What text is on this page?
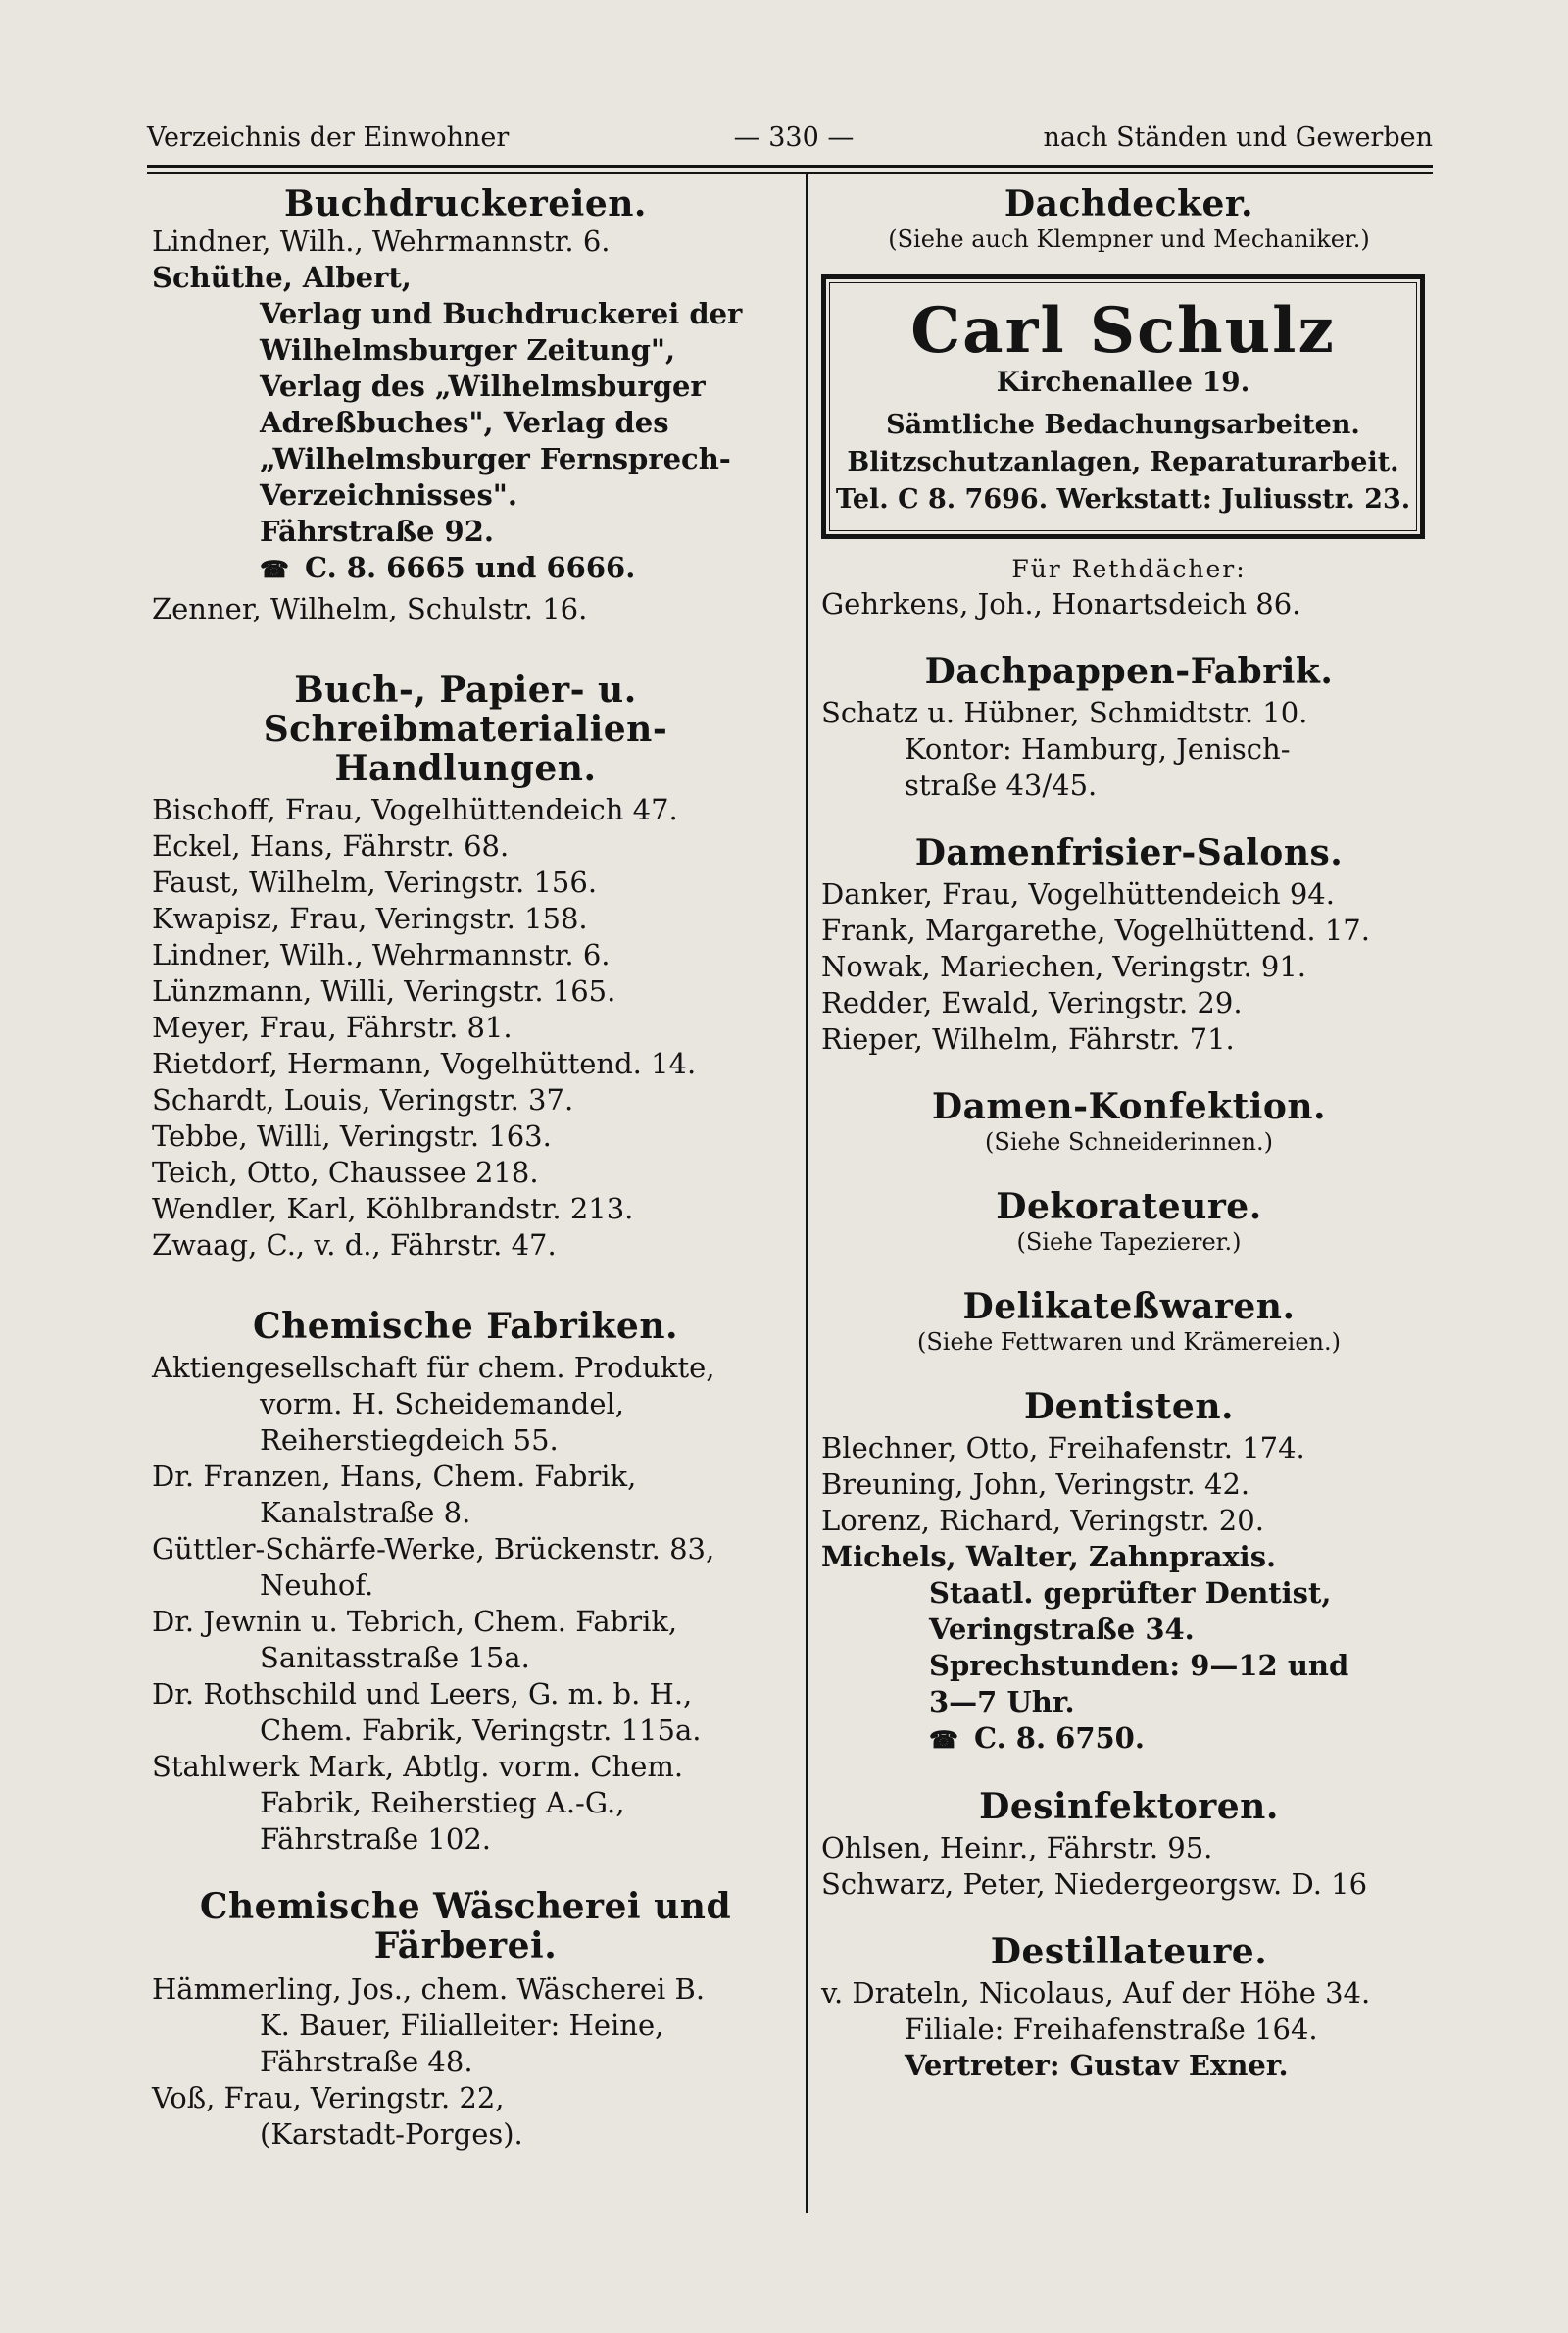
Verzeichnis der Einwohner	— 330 —	nach Ständen und Gewerben
Buchdruckereien.
Lindner, Wilh., Wehrmannstr. 6.
Schüthe, Albert,
Verlag und Buchdruckerei der
Wilhelmsburger Zeitung",
Verlag des „Wilhelmsburger
Adreßbuches", Verlag des
„Wilhelmsburger Fernsprech-
Verzeichnisses".
Fährstraße 92.
☎ C. 8. 6665 und 6666.
Zenner, Wilhelm, Schulstr. 16.
Buch-, Papier- u. Schreibmaterialien-
Handlungen.
Bischoff, Frau, Vogelhüttendeich 47.
Eckel, Hans, Fährstr. 68.
Faust, Wilhelm, Veringstr. 156.
Kwapisz, Frau, Veringstr. 158.
Lindner, Wilh., Wehrmannstr. 6.
Lünzmann, Willi, Veringstr. 165.
Meyer, Frau, Fährstr. 81.
Rietdorf, Hermann, Vogelhüttend. 14.
Schardt, Louis, Veringstr. 37.
Tebbe, Willi, Veringstr. 163.
Teich, Otto, Chaussee 218.
Wendler, Karl, Köhlbrandstr. 213.
Zwaag, C., v. d., Fährstr. 47.
Chemische Fabriken.
Aktiengesellschaft für chem. Produkte,
vorm. H. Scheidemandel,
Reiherstiegdeich 55.
Dr. Franzen, Hans, Chem. Fabrik,
Kanalstraße 8.
Güttler-Schärfe-Werke, Brückenstr. 83,
Neuhof.
Dr. Jewnin u. Tebrich, Chem. Fabrik,
Sanitasstraße 15a.
Dr. Rothschild und Leers, G. m. b. H.,
Chem. Fabrik, Veringstr. 115a.
Stahlwerk Mark, Abtlg. vorm. Chem.
Fabrik, Reiherstieg A.-G.,
Fährstraße 102.
Chemische Wäscherei und Färberei.
Hämmerling, Jos., chem. Wäscherei B.
K. Bauer, Filialleiter: Heine,
Fährstraße 48.
Voß, Frau, Veringstr. 22,
(Karstadt-Porges).
Dachdecker.
(Siehe auch Klempner und Mechaniker.)
Carl Schulz
Kirchenallee 19.
Sämtliche Bedachungsarbeiten.
Blitzschutzanlagen, Reparaturarbeit.
Tel. C 8. 7696. Werkstatt: Juliusstr. 23.
Für Rethdächer:
Gehrkens, Joh., Honartsdeich 86.
Dachpappen-Fabrik.
Schatz u. Hübner, Schmidtstr. 10.
Kontor: Hamburg, Jenisch-
straße 43/45.
Damenfrisier-Salons.
Danker, Frau, Vogelhüttendeich 94.
Frank, Margarethe, Vogelhüttend. 17.
Nowak, Mariechen, Veringstr. 91.
Redder, Ewald, Veringstr. 29.
Rieper, Wilhelm, Fährstr. 71.
Damen-Konfektion.
(Siehe Schneiderinnen.)
Dekorateure.
(Siehe Tapezierer.)
Delikateßwaren.
(Siehe Fettwaren und Krämereien.)
Dentisten.
Blechner, Otto, Freihafenstr. 174.
Breuning, John, Veringstr. 42.
Lorenz, Richard, Veringstr. 20.
Michels, Walter, Zahnpraxis.
Staatl. geprüfter Dentist,
Veringstraße 34.
Sprechstunden: 9—12 und
3—7 Uhr.
☎ C. 8. 6750.
Desinfektoren.
Ohlsen, Heinr., Fährstr. 95.
Schwarz, Peter, Niedergeorgsw. D. 16
Destillateure.
v. Drateln, Nicolaus, Auf der Höhe 34.
Filiale: Freihafenstraße 164.
Vertreter: Gustav Exner.
